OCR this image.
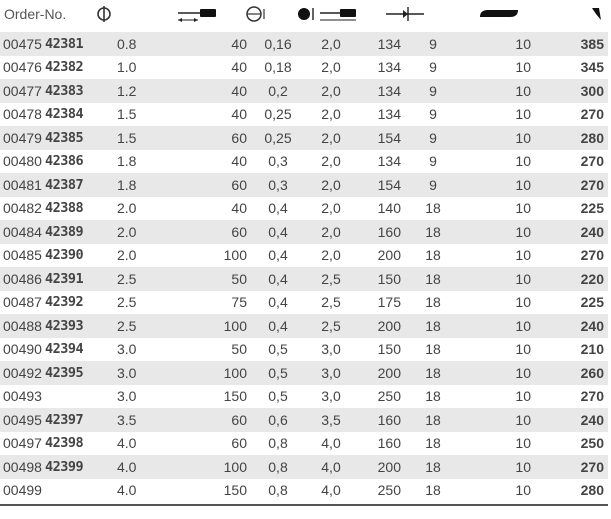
Order-No.
00475	42381	0.8	40	0,16	2,0	134	9	10	385
00476	42382	1.0	40	0,18	2,0	134	9	10	345
00477	42383	1.2	40	0,2	2,0	134	9	10	300
00478	42384	1.5	40	0,25	2,0	134	9	10	270
00479	42385	1.5	60	0,25	2,0	154	9	10	280
00480	42386	1.8	40	0,3	2,0	134	9	10	270
00481	42387	1.8	60	0,3	2,0	154	9	10	270
00482	42388	2.0	40	0,4	2,0	140	18	10	225
00484	42389	2.0	60	0,4	2,0	160	18	10	240
00485	42390	2.0	100	0,4	2,0	200	18	10	270
00486	42391	2.5	50	0,4	2,5	150	18	10	220
00487	42392	2.5	75	0,4	2,5	175	18	10	225
00488	42393	2.5	100	0,4	2,5	200	18	10	240
00490	42394	3.0	50	0,5	3,0	150	18	10	210
00492	42395	3.0	100	0,5	3,0	200	18	10	260
00493		3.0	150	0,5	3,0	250	18	10	270
00495	42397	3.5	60	0,6	3,5	160	18	10	240
00497	42398	4.0	60	0,8	4,0	160	18	10	250
00498	42399	4.0	100	0,8	4,0	200	18	10	270
00499		4.0	150	0,8	4,0	250	18	10	280
